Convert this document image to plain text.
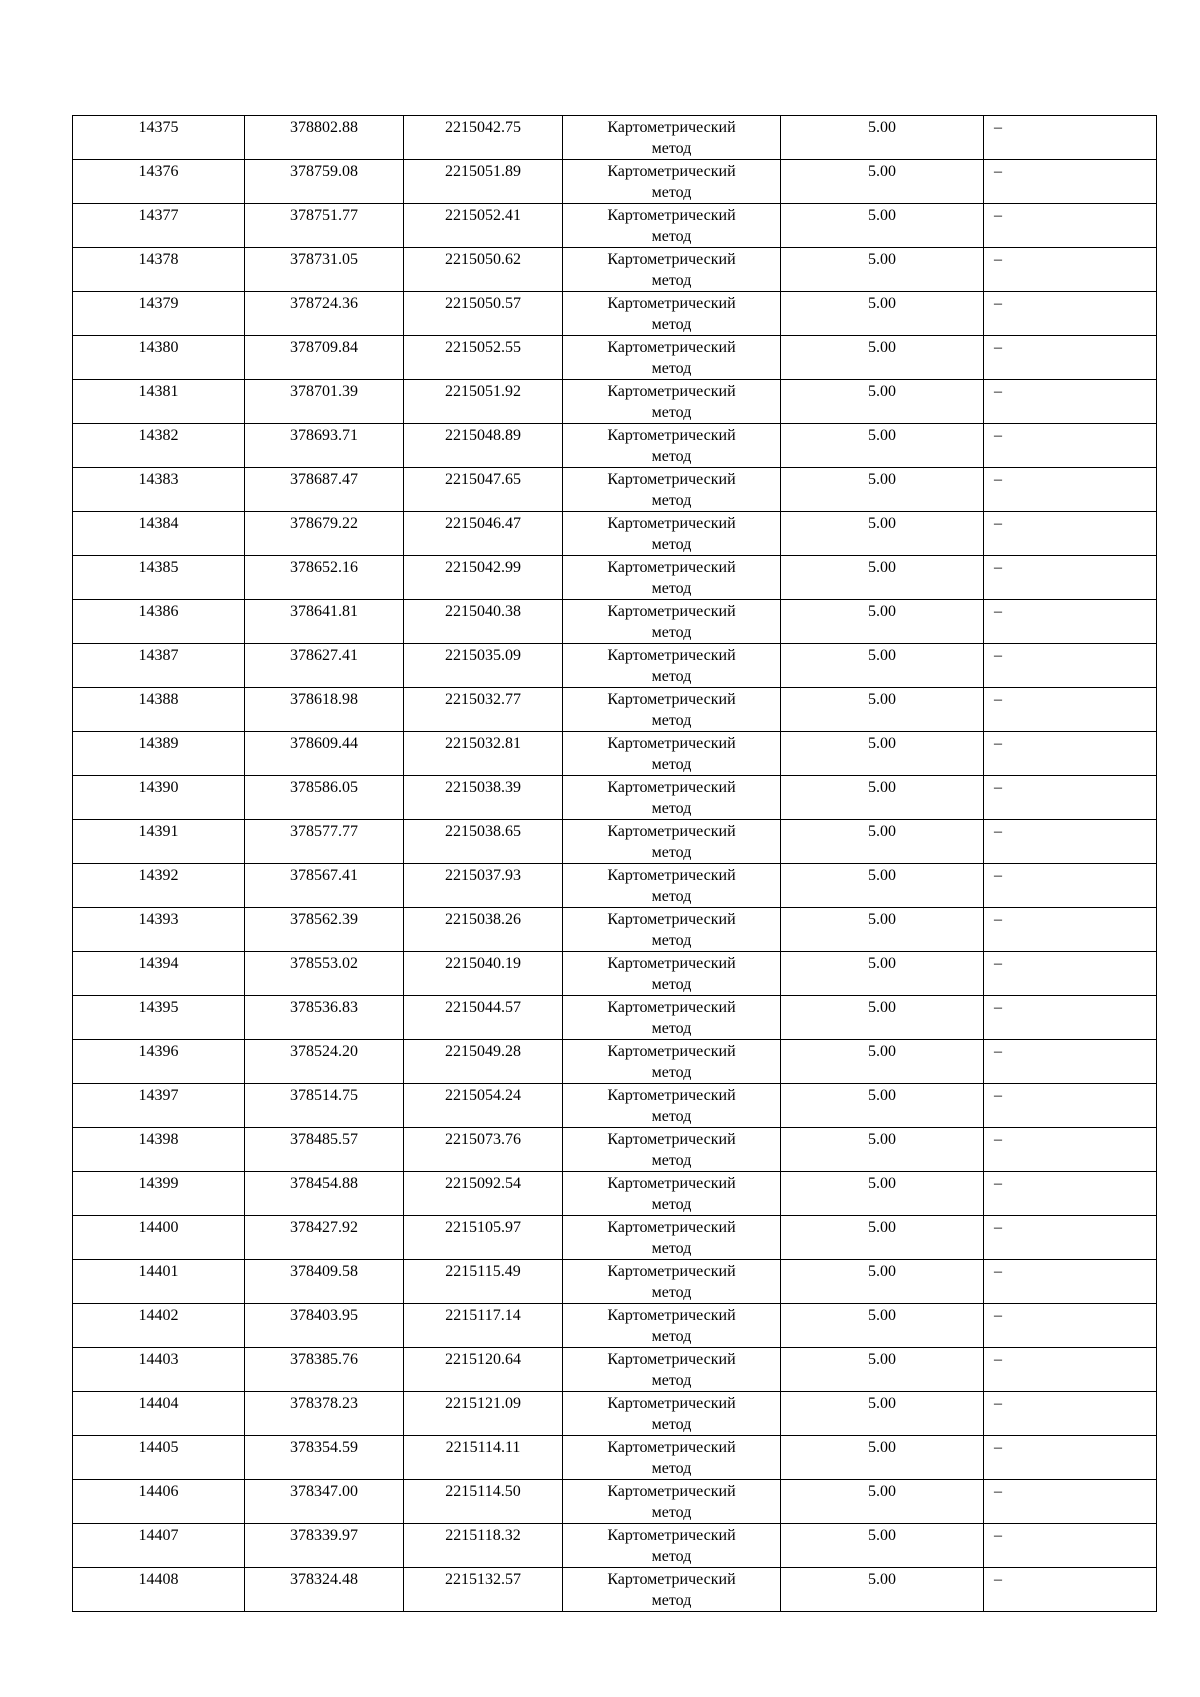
14375	378802.88	2215042.75	Картометрический
метод	5.00	–
14376	378759.08	2215051.89	Картометрический
метод	5.00	–
14377	378751.77	2215052.41	Картометрический
метод	5.00	–
14378	378731.05	2215050.62	Картометрический
метод	5.00	–
14379	378724.36	2215050.57	Картометрический
метод	5.00	–
14380	378709.84	2215052.55	Картометрический
метод	5.00	–
14381	378701.39	2215051.92	Картометрический
метод	5.00	–
14382	378693.71	2215048.89	Картометрический
метод	5.00	–
14383	378687.47	2215047.65	Картометрический
метод	5.00	–
14384	378679.22	2215046.47	Картометрический
метод	5.00	–
14385	378652.16	2215042.99	Картометрический
метод	5.00	–
14386	378641.81	2215040.38	Картометрический
метод	5.00	–
14387	378627.41	2215035.09	Картометрический
метод	5.00	–
14388	378618.98	2215032.77	Картометрический
метод	5.00	–
14389	378609.44	2215032.81	Картометрический
метод	5.00	–
14390	378586.05	2215038.39	Картометрический
метод	5.00	–
14391	378577.77	2215038.65	Картометрический
метод	5.00	–
14392	378567.41	2215037.93	Картометрический
метод	5.00	–
14393	378562.39	2215038.26	Картометрический
метод	5.00	–
14394	378553.02	2215040.19	Картометрический
метод	5.00	–
14395	378536.83	2215044.57	Картометрический
метод	5.00	–
14396	378524.20	2215049.28	Картометрический
метод	5.00	–
14397	378514.75	2215054.24	Картометрический
метод	5.00	–
14398	378485.57	2215073.76	Картометрический
метод	5.00	–
14399	378454.88	2215092.54	Картометрический
метод	5.00	–
14400	378427.92	2215105.97	Картометрический
метод	5.00	–
14401	378409.58	2215115.49	Картометрический
метод	5.00	–
14402	378403.95	2215117.14	Картометрический
метод	5.00	–
14403	378385.76	2215120.64	Картометрический
метод	5.00	–
14404	378378.23	2215121.09	Картометрический
метод	5.00	–
14405	378354.59	2215114.11	Картометрический
метод	5.00	–
14406	378347.00	2215114.50	Картометрический
метод	5.00	–
14407	378339.97	2215118.32	Картометрический
метод	5.00	–
14408	378324.48	2215132.57	Картометрический
метод	5.00	–
